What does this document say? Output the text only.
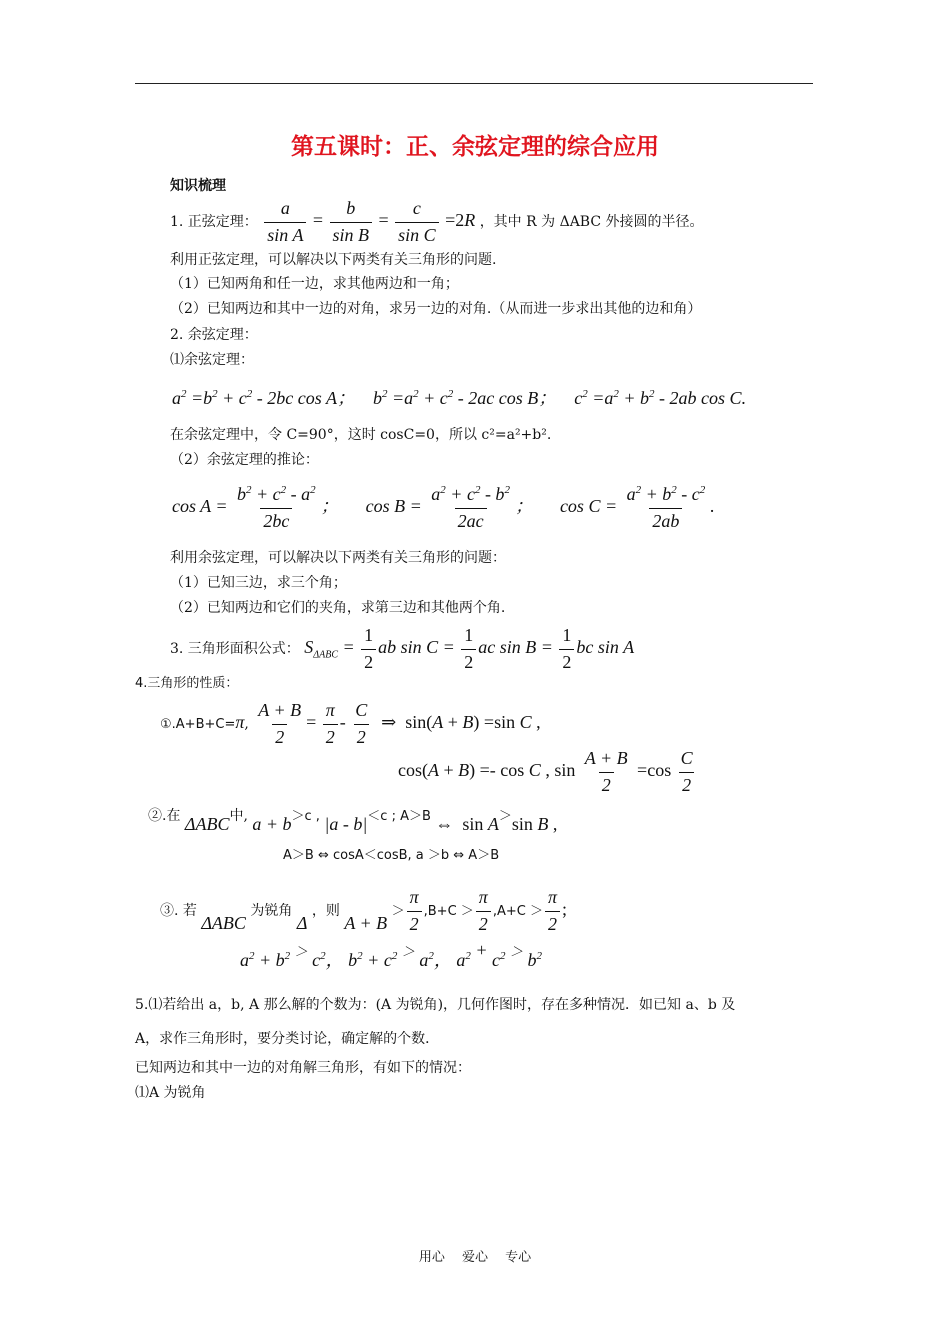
第五课时：正、余弦定理的综合应用
知识梳理
1. 正弦定理： $\frac{a}{\text{sin A}} = \frac{b}{\text{sin B}} = \frac{c}{\text{sin C}} =2R$ ，其中 R 为 ΔABC 外接圆的半径。
利用正弦定理，可以解决以下两类有关三角形的问题.
（1）已知两角和任一边，求其他两边和一角；
（2）已知两边和其中一边的对角，求另一边的对角.（从而进一步求出其他的边和角）
2. 余弦定理：
⑴余弦定理：
$a^2 =b^2 + c^2 - 2bc$ cos A；    $b^2 =a^2 + c^2 - 2ac$ cos B；    $c^2 =a^2 + b^2 - 2ab$ cos C.
在余弦定理中，令 C=90°，这时 cosC=0，所以 c²=a²+b².
（2）余弦定理的推论：
$\cos A = \frac{b^2 + c^2 - a^2}{2bc}$ ； $\cos B = \frac{a^2 + c^2 - b^2}{2ac}$ ； $\cos C = \frac{a^2 + b^2 - c^2}{2ab}$ .
利用余弦定理，可以解决以下两类有关三角形的问题：
（1）已知三边，求三个角；
（2）已知两边和它们的夹角，求第三边和其他两个角.
3. 三角形面积公式： $S_{\Delta ABC} = \frac{1}{2}$ ab $\sin C = \frac{1}{2}$ ac $\sin B = \frac{1}{2}$ bc sin A
4.三角形的性质：
①.A+B+C=π, $\frac{A + B}{2} = \frac{\pi}{2} - \frac{C}{2}$ ⇒  sin(A + B) =sin C ,
cos(A + B) =- cos C , $\sin \frac{A + B}{2} =\cos \frac{C}{2}$
②.在 ΔABC中, a + b＞c , |a - b|＜c ; A＞B ⇔  sin A＞sin B ,
A＞B ⇔ cosA＜cosB, a ＞b ⇔ A＞B
③. 若 ΔABC 为锐角 Δ ，则 $A + B > \frac{\pi}{2} ,B+C > \frac{\pi}{2} ,A+C > \frac{\pi}{2}$ ;
$a^2 + b^2$ ＞ $c^2$， $b^2 + c^2$ ＞ $a^2$， $a^2 + c^2$ ＞ $b^2$
5.⑴若给出 a，b, A 那么解的个数为：(A 为锐角)，几何作图时，存在多种情况．如已知 a、b 及
A，求作三角形时，要分类讨论，确定解的个数．
已知两边和其中一边的对角解三角形，有如下的情况：
⑴A 为锐角
用心　 爱心　 专心
